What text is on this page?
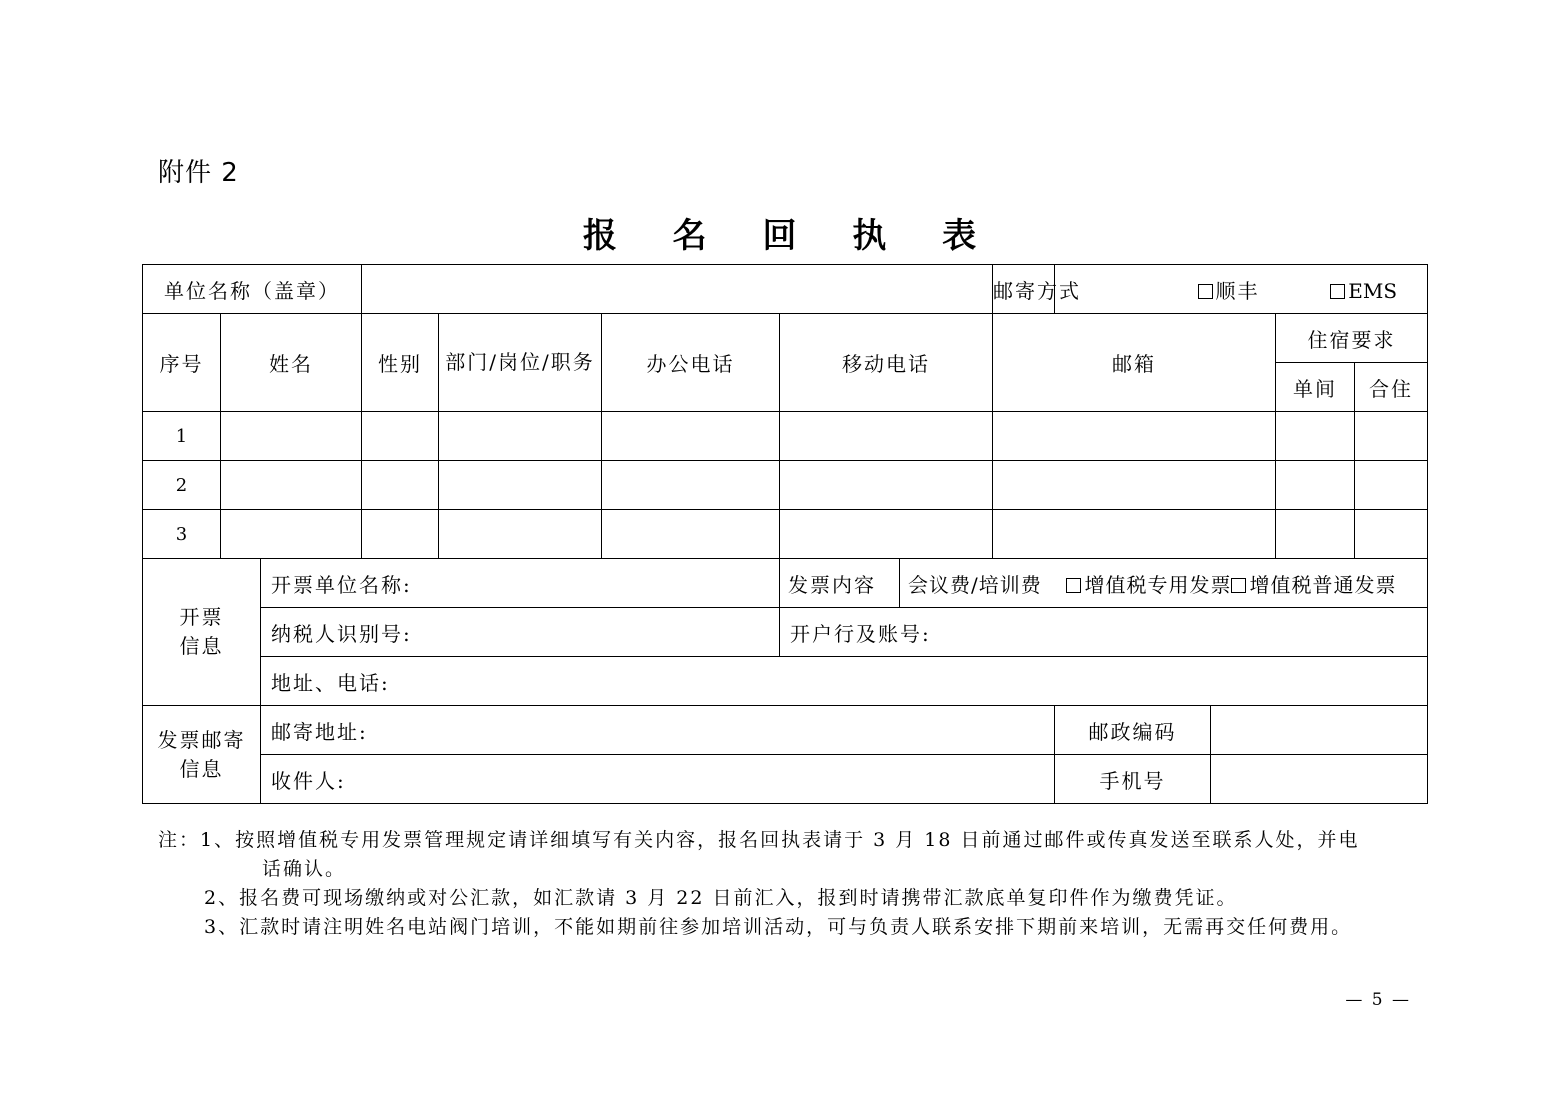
附件 2
报 名 回 执 表
单位名称（盖章）								邮寄方式	顺丰 EMS			
序号	姓名		性别	部门/岗位/职务	办公电话	移动电话		邮箱			住宿要求	
											单间	合住
1												
2												
3												

开票
信息		开票单位名称:				发票内容	会议费/培训费 增值税专用发票 增值税普通发票					
		纳税人识别号:				开户行及账号:						
		地址、电话:										

发票邮寄
信息		邮寄地址:							邮政编码			
		收件人:							手机号			
注：1、按照增值税专用发票管理规定请详细填写有关内容，报名回执表请于 3 月 18 日前通过邮件或传真发送至联系人处，并电
话确认。
2、报名费可现场缴纳或对公汇款，如汇款请 3 月 22 日前汇入，报到时请携带汇款底单复印件作为缴费凭证。
3、汇款时请注明姓名电站阀门培训，不能如期前往参加培训活动，可与负责人联系安排下期前来培训，无需再交任何费用。
— 5 —
